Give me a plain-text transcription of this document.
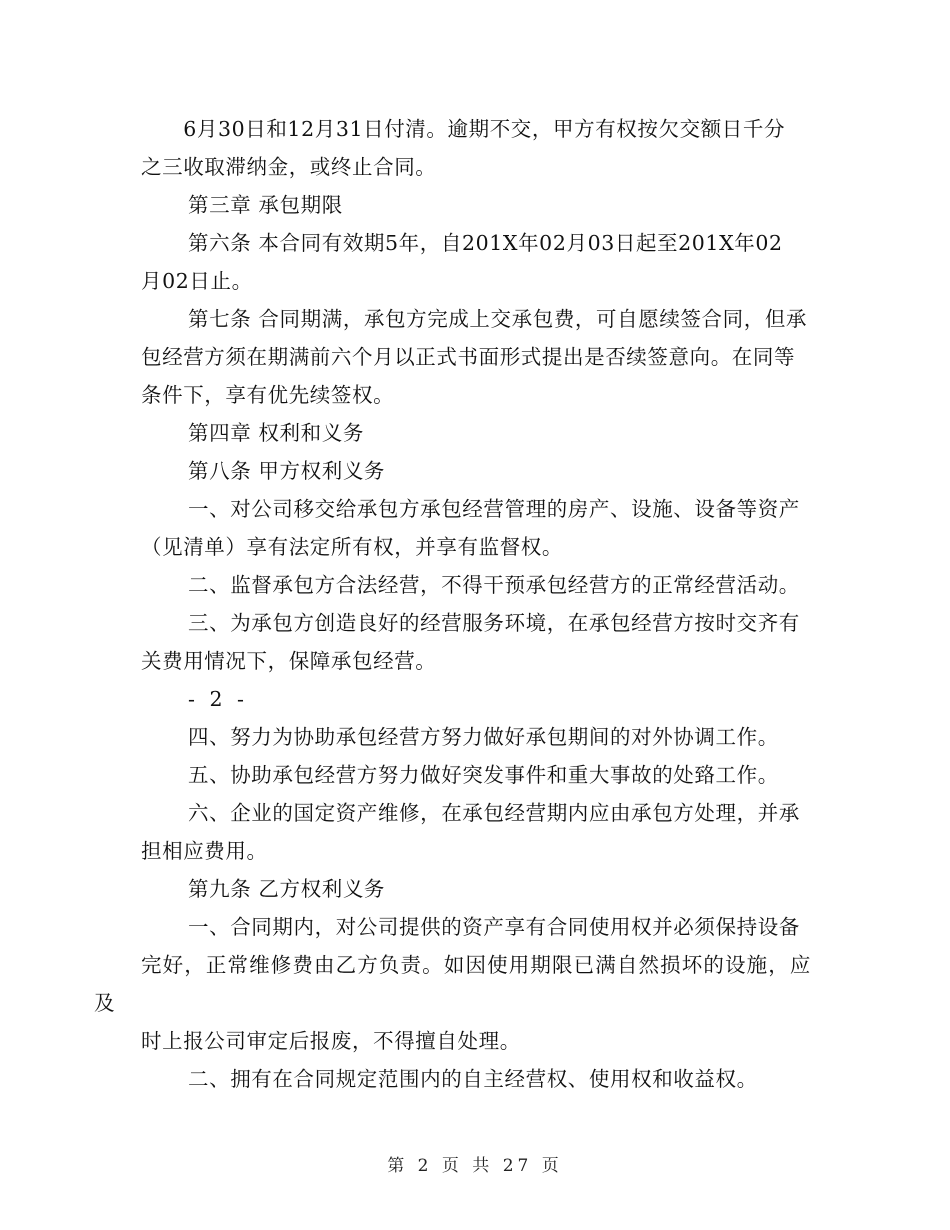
　　6月30日和12月31日付清。逾期不交，甲方有权按欠交额日千分
之三收取滞纳金，或终止合同。

第三章 承包期限

第六条 本合同有效期5年，自201X年02月03日起至201X年02
月02日止。

第七条 合同期满，承包方完成上交承包费，可自愿续签合同，但承
包经营方须在期满前六个月以正式书面形式提出是否续签意向。在同等
条件下，享有优先续签权。

第四章 权利和义务

第八条 甲方权利义务

一、对公司移交给承包方承包经营管理的房产、设施、设备等资产
（见清单）享有法定所有权，并享有监督权。

二、监督承包方合法经营，不得干预承包经营方的正常经营活动。

三、为承包方创造良好的经营服务环境，在承包经营方按时交齐有
关费用情况下，保障承包经营。

- 2 -

四、努力为协助承包经营方努力做好承包期间的对外协调工作。

五、协助承包经营方努力做好突发事件和重大事故的处臵工作。

六、企业的国定资产维修，在承包经营期内应由承包方处理，并承
担相应费用。

第九条 乙方权利义务

一、合同期内，对公司提供的资产享有合同使用权并必须保持设备
完好，正常维修费由乙方负责。如因使用期限已满自然损坏的设施，应及
时上报公司审定后报废，不得擅自处理。

二、拥有在合同规定范围内的自主经营权、使用权和收益权。

第 2 页 共 27 页
